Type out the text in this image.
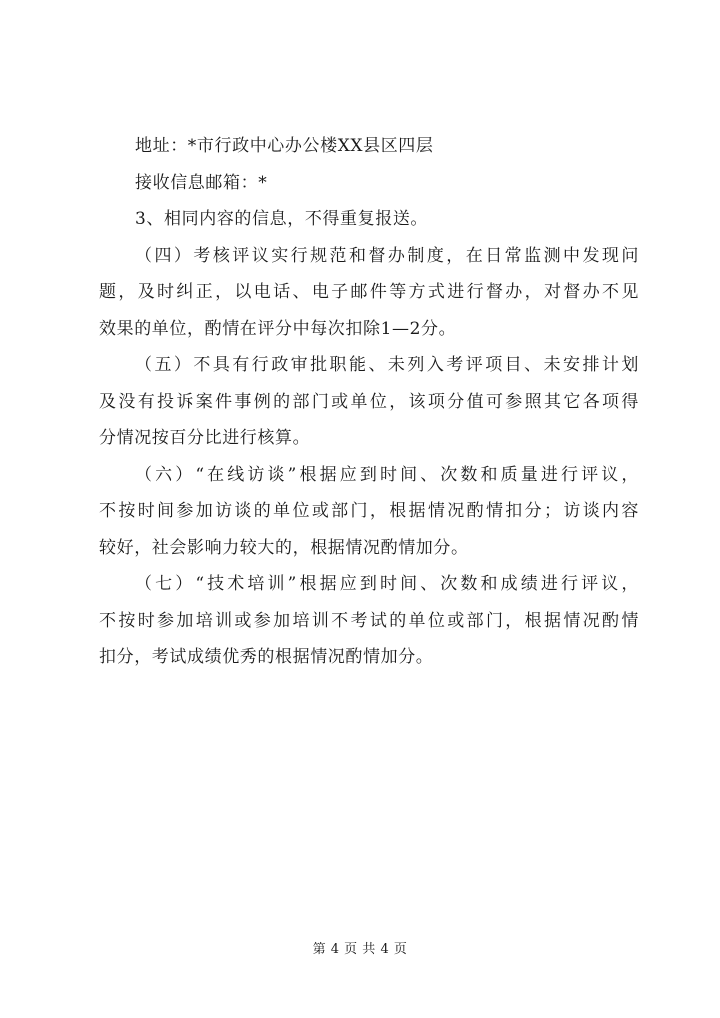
地址：*市行政中心办公楼XX县区四层
接收信息邮箱：*
3、相同内容的信息，不得重复报送。
（四）考核评议实行规范和督办制度，在日常监测中发现问
题，及时纠正，以电话、电子邮件等方式进行督办，对督办不见
效果的单位，酌情在评分中每次扣除1—2分。
（五）不具有行政审批职能、未列入考评项目、未安排计划
及没有投诉案件事例的部门或单位，该项分值可参照其它各项得
分情况按百分比进行核算。
（六）“在线访谈”根据应到时间、次数和质量进行评议，
不按时间参加访谈的单位或部门，根据情况酌情扣分；访谈内容
较好，社会影响力较大的，根据情况酌情加分。
（七）“技术培训”根据应到时间、次数和成绩进行评议，
不按时参加培训或参加培训不考试的单位或部门，根据情况酌情
扣分，考试成绩优秀的根据情况酌情加分。
第 4 页 共 4 页
